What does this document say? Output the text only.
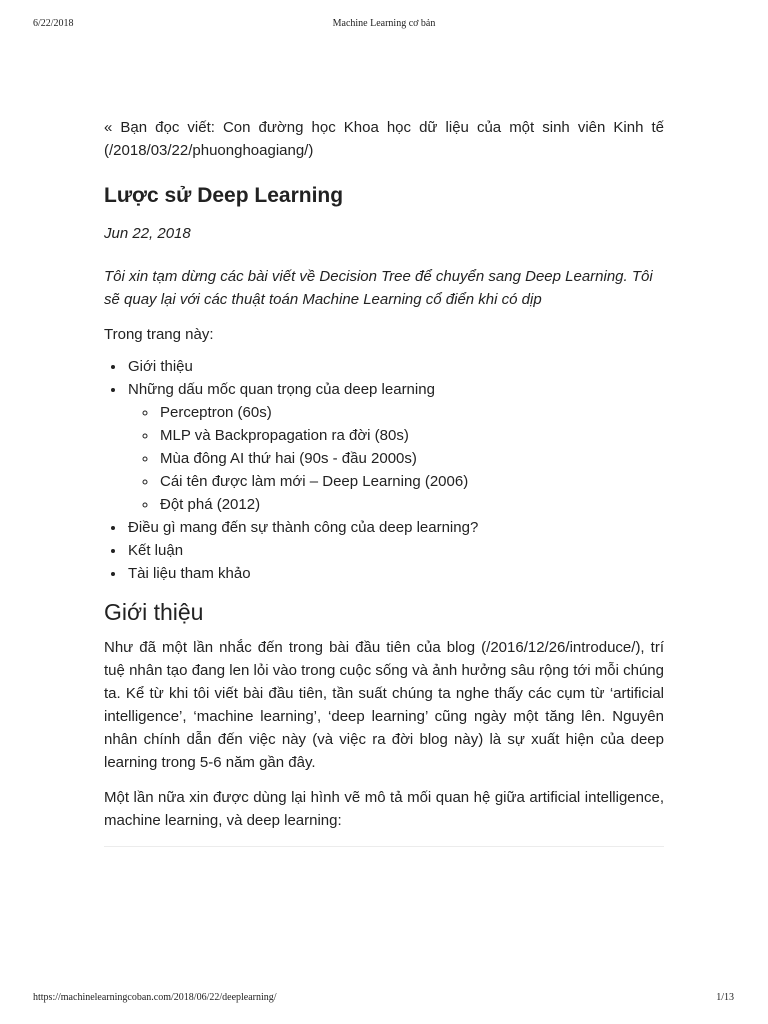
6/22/2018	Machine Learning cơ bản

« Bạn đọc viết: Con đường học Khoa học dữ liệu của một sinh viên Kinh tế (/2018/03/22/phuonghoagiang/)

Lược sử Deep Learning

Jun 22, 2018

Tôi xin tạm dừng các bài viết về Decision Tree để chuyển sang Deep Learning. Tôi sẽ quay lại với các thuật toán Machine Learning cổ điển khi có dịp

Trong trang này:

• Giới thiệu
• Những dấu mốc quan trọng của deep learning
◦ Perceptron (60s)
◦ MLP và Backpropagation ra đời (80s)
◦ Mùa đông AI thứ hai (90s - đầu 2000s)
◦ Cái tên được làm mới – Deep Learning (2006)
◦ Đột phá (2012)
• Điều gì mang đến sự thành công của deep learning?
• Kết luận
• Tài liệu tham khảo
Giới thiệu

Như đã một lần nhắc đến trong bài đầu tiên của blog (/2016/12/26/introduce/), trí tuệ nhân tạo đang len lỏi vào trong cuộc sống và ảnh hưởng sâu rộng tới mỗi chúng ta. Kể từ khi tôi viết bài đầu tiên, tần suất chúng ta nghe thấy các cụm từ ‘artificial intelligence’, ‘machine learning’, ‘deep learning’ cũng ngày một tăng lên. Nguyên nhân chính dẫn đến việc này (và việc ra đời blog này) là sự xuất hiện của deep learning trong 5-6 năm gần đây.

Một lần nữa xin được dùng lại hình vẽ mô tả mối quan hệ giữa artificial intelligence, machine learning, và deep learning:

https://machinelearningcoban.com/2018/06/22/deeplearning/	1/13
